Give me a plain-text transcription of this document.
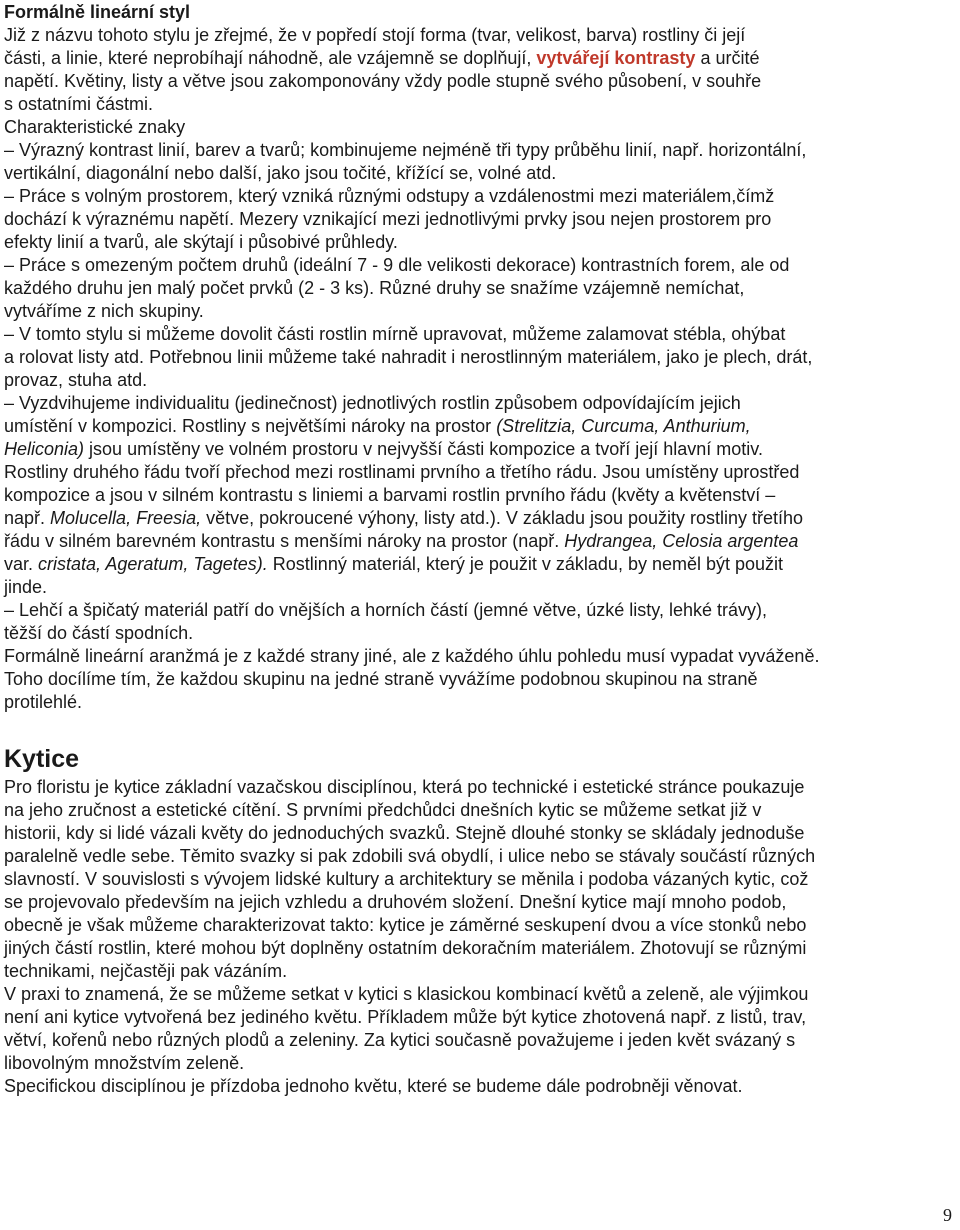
Formálně lineární styl

Již z názvu tohoto stylu je zřejmé, že v popředí stojí forma (tvar, velikost, barva) rostliny či její
části, a linie, které neprobíhají náhodně, ale vzájemně se doplňují, vytvářejí kontrasty a určité
napětí. Květiny, listy a větve jsou zakomponovány vždy podle stupně svého působení, v souhře
s ostatními částmi.

Charakteristické znaky

– Výrazný kontrast linií, barev a tvarů; kombinujeme nejméně tři typy průběhu linií, např. horizontální,
vertikální, diagonální nebo další, jako jsou točité, křížící se, volné atd.

– Práce s volným prostorem, který vzniká různými odstupy a vzdálenostmi mezi materiálem,čímž
dochází k výraznému napětí. Mezery vznikající mezi jednotlivými prvky jsou nejen prostorem pro
efekty linií a tvarů, ale skýtají i působivé průhledy.

– Práce s omezeným počtem druhů (ideální 7 - 9 dle velikosti dekorace) kontrastních forem, ale od
každého druhu jen malý počet prvků (2 - 3 ks). Různé druhy se snažíme vzájemně nemíchat,
vytváříme z nich skupiny.

– V tomto stylu si můžeme dovolit části rostlin mírně upravovat, můžeme zalamovat stébla, ohýbat
a rolovat listy atd. Potřebnou linii můžeme také nahradit i nerostlinným materiálem, jako je plech, drát,
provaz, stuha atd.

– Vyzdvihujeme individualitu (jedinečnost) jednotlivých rostlin způsobem odpovídajícím jejich
umístění v kompozici. Rostliny s největšími nároky na prostor (Strelitzia, Curcuma, Anthurium,
Heliconia) jsou umístěny ve volném prostoru v nejvyšší části kompozice a tvoří její hlavní motiv.
Rostliny druhého řádu tvoří přechod mezi rostlinami prvního a třetího rádu. Jsou umístěny uprostřed
kompozice a jsou v silném kontrastu s liniemi a barvami rostlin prvního řádu (květy a květenství –
např. Molucella, Freesia, větve, pokroucené výhony, listy atd.). V základu jsou použity rostliny třetího
řádu v silném barevném kontrastu s menšími nároky na prostor (např. Hydrangea, Celosia argentea
var. cristata, Ageratum, Tagetes). Rostlinný materiál, který je použit v základu, by neměl být použit
jinde.

– Lehčí a špičatý materiál patří do vnějších a horních částí (jemné větve, úzké listy, lehké trávy),
těžší do částí spodních.

Formálně lineární aranžmá je z každé strany jiné, ale z každého úhlu pohledu musí vypadat vyváženě.
Toho docílíme tím, že každou skupinu na jedné straně vyvážíme podobnou skupinou na straně
protilehlé.

Kytice

Pro floristu je kytice základní vazačskou disciplínou, která po technické i estetické stránce poukazuje
na jeho zručnost a estetické cítění. S prvními předchůdci dnešních kytic se můžeme setkat již v
historii, kdy si lidé vázali květy do jednoduchých svazků. Stejně dlouhé stonky se skládaly jednoduše
paralelně vedle sebe. Těmito svazky si pak zdobili svá obydlí, i ulice nebo se stávaly součástí různých
slavností. V souvislosti s vývojem lidské kultury a architektury se měnila i podoba vázaných kytic, což
se projevovalo především na jejich vzhledu a druhovém složení. Dnešní kytice mají mnoho podob,
obecně je však můžeme charakterizovat takto: kytice je záměrné seskupení dvou a více stonků nebo
jiných částí rostlin, které mohou být doplněny ostatním dekoračním materiálem. Zhotovují se různými
technikami, nejčastěji pak vázáním.

V praxi to znamená, že se můžeme setkat v kytici s klasickou kombinací květů a zeleně, ale výjimkou
není ani kytice vytvořená bez jediného květu. Příkladem může být kytice zhotovená např. z listů, trav,
větví, kořenů nebo různých plodů a zeleniny. Za kytici současně považujeme i jeden květ svázaný s
libovolným množstvím zeleně.

Specifickou disciplínou je přízdoba jednoho květu, které se budeme dále podrobněji věnovat.

9
